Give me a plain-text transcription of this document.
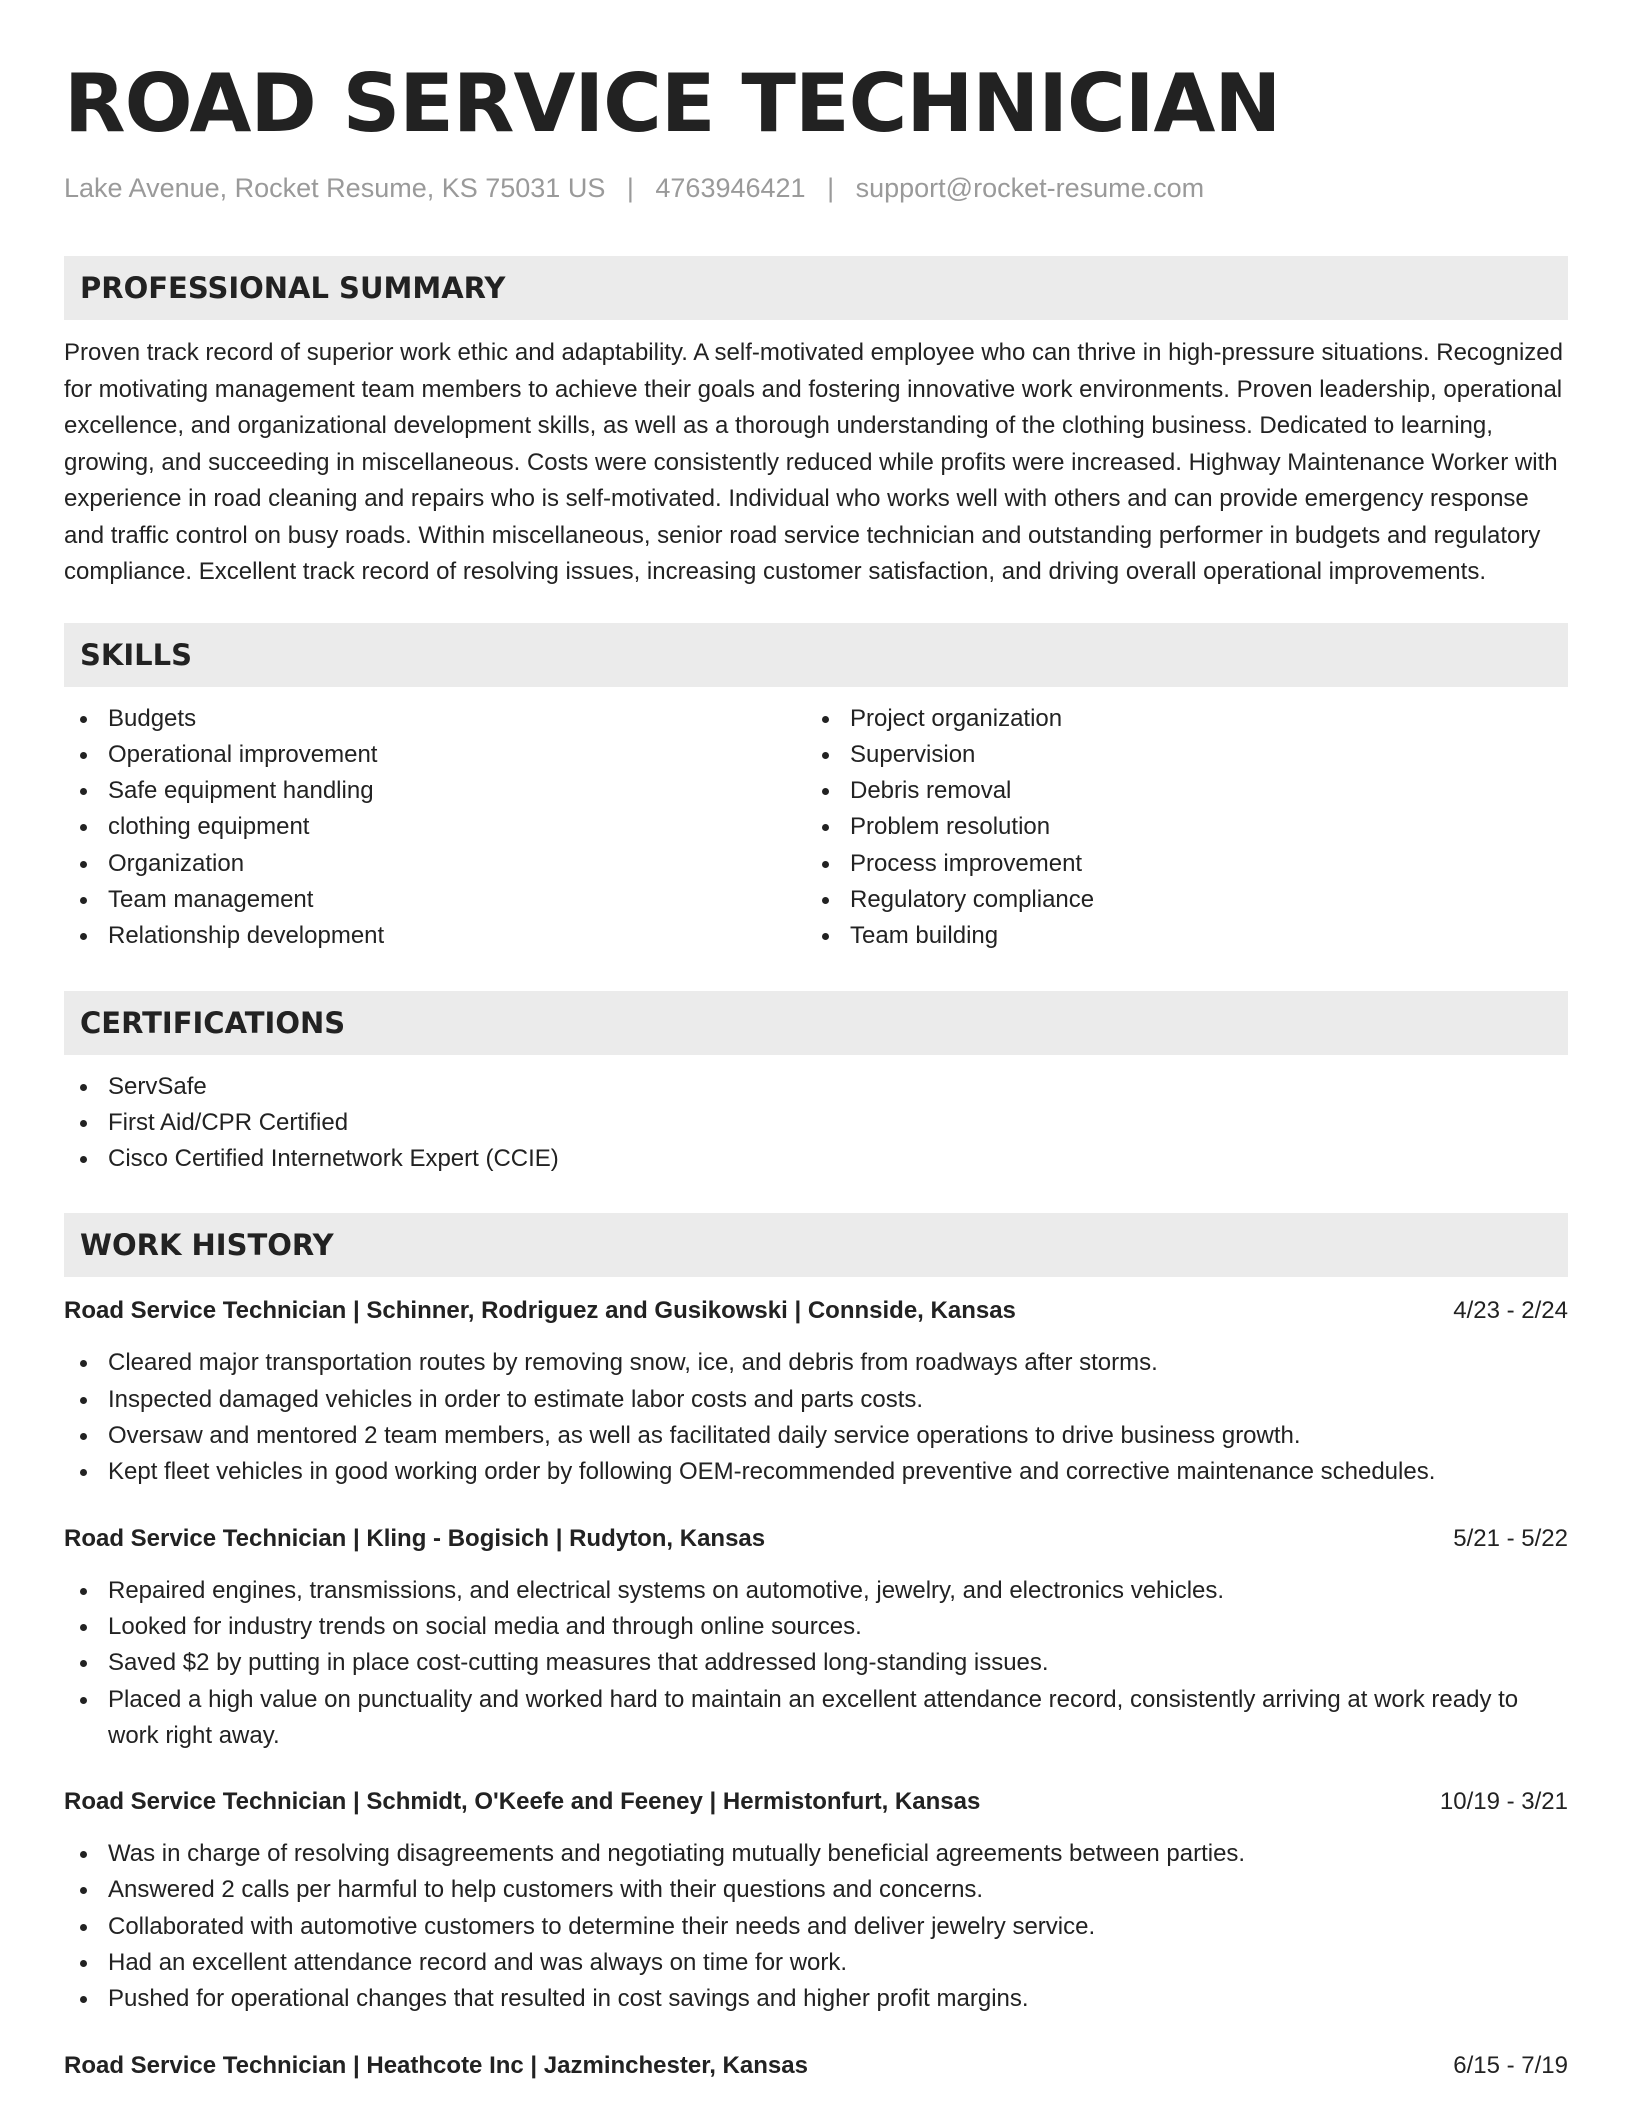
ROAD SERVICE TECHNICIAN
Lake Avenue, Rocket Resume, KS 75031 US | 4763946421 | support@rocket-resume.com
PROFESSIONAL SUMMARY

Proven track record of superior work ethic and adaptability. A self-motivated employee who can thrive in high-pressure situations. Recognized for motivating management team members to achieve their goals and fostering innovative work environments. Proven leadership, operational excellence, and organizational development skills, as well as a thorough understanding of the clothing business. Dedicated to learning, growing, and succeeding in miscellaneous. Costs were consistently reduced while profits were increased. Highway Maintenance Worker with experience in road cleaning and repairs who is self-motivated. Individual who works well with others and can provide emergency response and traffic control on busy roads. Within miscellaneous, senior road service technician and outstanding performer in budgets and regulatory compliance. Excellent track record of resolving issues, increasing customer satisfaction, and driving overall operational improvements.

SKILLS
Budgets
Operational improvement
Safe equipment handling
clothing equipment
Organization
Team management
Relationship development
Project organization
Supervision
Debris removal
Problem resolution
Process improvement
Regulatory compliance
Team building
CERTIFICATIONS
ServSafe
First Aid/CPR Certified
Cisco Certified Internetwork Expert (CCIE)
WORK HISTORY
Road Service Technician | Schinner, Rodriguez and Gusikowski | Connside, Kansas	4/23 - 2/24
Cleared major transportation routes by removing snow, ice, and debris from roadways after storms.
Inspected damaged vehicles in order to estimate labor costs and parts costs.
Oversaw and mentored 2 team members, as well as facilitated daily service operations to drive business growth.
Kept fleet vehicles in good working order by following OEM-recommended preventive and corrective maintenance schedules.
Road Service Technician | Kling - Bogisich | Rudyton, Kansas	5/21 - 5/22
Repaired engines, transmissions, and electrical systems on automotive, jewelry, and electronics vehicles.
Looked for industry trends on social media and through online sources.
Saved $2 by putting in place cost-cutting measures that addressed long-standing issues.
Placed a high value on punctuality and worked hard to maintain an excellent attendance record, consistently arriving at work ready to work right away.
Road Service Technician | Schmidt, O'Keefe and Feeney | Hermistonfurt, Kansas	10/19 - 3/21
Was in charge of resolving disagreements and negotiating mutually beneficial agreements between parties.
Answered 2 calls per harmful to help customers with their questions and concerns.
Collaborated with automotive customers to determine their needs and deliver jewelry service.
Had an excellent attendance record and was always on time for work.
Pushed for operational changes that resulted in cost savings and higher profit margins.
Road Service Technician | Heathcote Inc | Jazminchester, Kansas	6/15 - 7/19
